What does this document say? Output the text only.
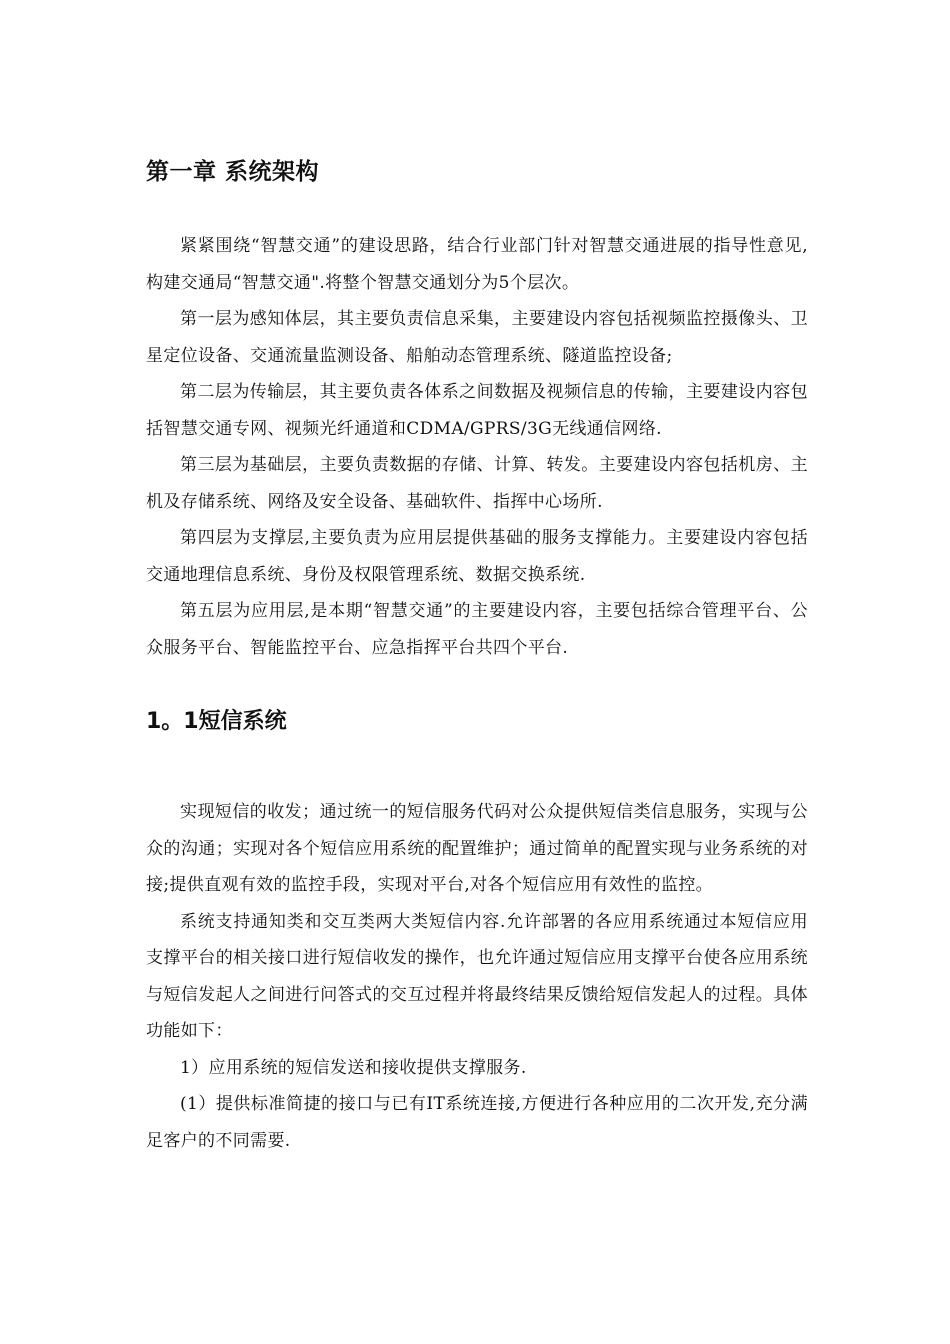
第一章 系统架构

紧紧围绕“智慧交通”的建设思路，结合行业部门针对智慧交通进展的指导性意见,构建交通局“智慧交通".将整个智慧交通划分为5个层次。

第一层为感知体层，其主要负责信息采集，主要建设内容包括视频监控摄像头、卫星定位设备、交通流量监测设备、船舶动态管理系统、隧道监控设备;

第二层为传输层，其主要负责各体系之间数据及视频信息的传输，主要建设内容包括智慧交通专网、视频光纤通道和CDMA/GPRS/3G无线通信网络.

第三层为基础层，主要负责数据的存储、计算、转发。主要建设内容包括机房、主机及存储系统、网络及安全设备、基础软件、指挥中心场所.

第四层为支撑层,主要负责为应用层提供基础的服务支撑能力。主要建设内容包括交通地理信息系统、身份及权限管理系统、数据交换系统.

第五层为应用层,是本期“智慧交通”的主要建设内容，主要包括综合管理平台、公众服务平台、智能监控平台、应急指挥平台共四个平台.

1。1短信系统

实现短信的收发；通过统一的短信服务代码对公众提供短信类信息服务，实现与公众的沟通；实现对各个短信应用系统的配置维护；通过简单的配置实现与业务系统的对接;提供直观有效的监控手段，实现对平台,对各个短信应用有效性的监控。

系统支持通知类和交互类两大类短信内容.允许部署的各应用系统通过本短信应用支撑平台的相关接口进行短信收发的操作，也允许通过短信应用支撑平台使各应用系统与短信发起人之间进行问答式的交互过程并将最终结果反馈给短信发起人的过程。具体功能如下：

1）应用系统的短信发送和接收提供支撑服务.

(1）提供标准简捷的接口与已有IT系统连接,方便进行各种应用的二次开发,充分满足客户的不同需要.
